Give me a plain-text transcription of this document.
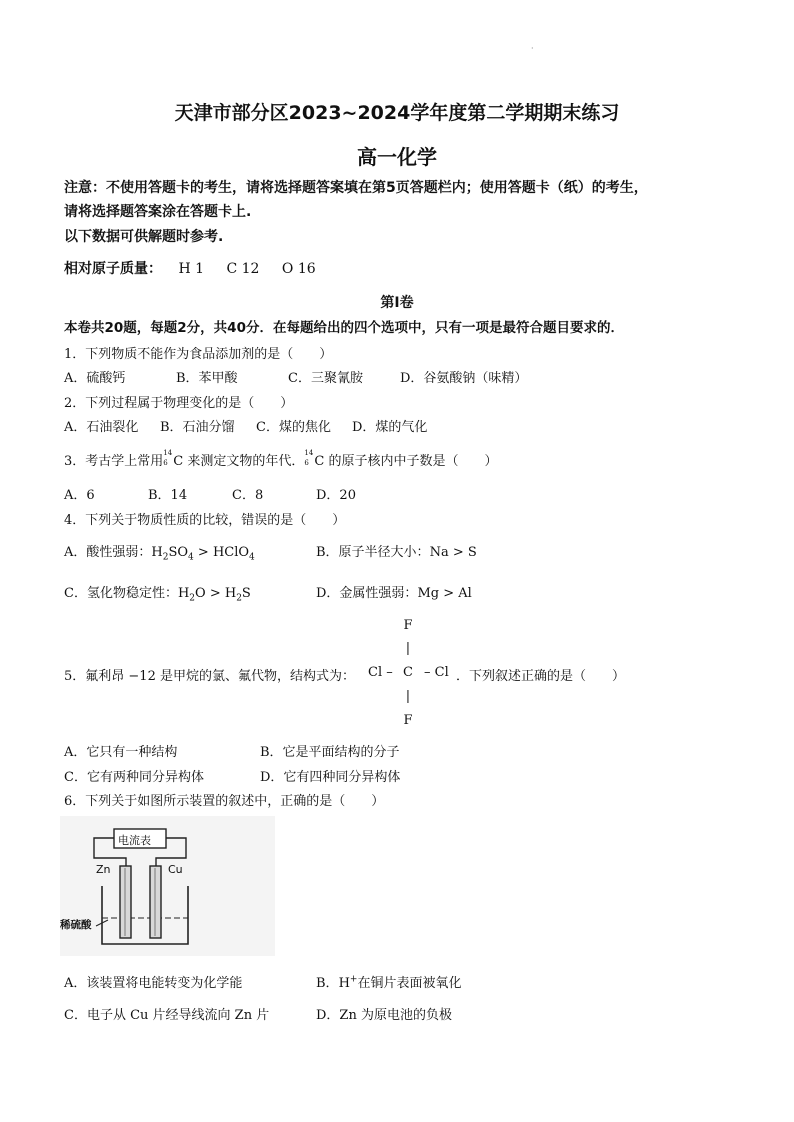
·
天津市部分区2023~2024学年度第二学期期末练习
高一化学
注意：不使用答题卡的考生，请将选择题答案填在第5页答题栏内；使用答题卡（纸）的考生，
请将选择题答案涂在答题卡上.
以下数据可供解题时参考.
相对原子质量： H 1 C 12 O 16
第Ⅰ卷
本卷共20题，每题2分，共40分．在每题给出的四个选项中，只有一项是最符合题目要求的．
1．下列物质不能作为食品添加剂的是（　　）
A．硫酸钙	B．苯甲酸	C．三聚氰胺	D．谷氨酸钠（味精）
2．下列过程属于物理变化的是（　　）
A．石油裂化 B．石油分馏 C．煤的焦化 D．煤的气化
3．考古学上常用
14
6 C 来测定文物的年代．
14
6 C 的原子核内中子数是（　　）
A．6	B．14	C．8	D．20
4．下列关于物质性质的比较，错误的是（　　）
A．酸性强弱：$H_2SO_4$ > HClO$_4$	B．原子半径大小：Na > S
C．氢化物稳定性：$H_2O > H_2S$	D．金属性强弱：Mg > Al
F
|
5．氟利昂 −12 是甲烷的氯、氟代物，结构式为： Cl – C – Cl ．下列叙述正确的是（　　）
|
F
A．它只有一种结构	B．它是平面结构的分子
C．它有两种同分异构体	D．它有四种同分异构体
6．下列关于如图所示装置的叙述中，正确的是（　　）
电流表
Zn	Cu
稀硫酸
A．该装置将电能转变为化学能	B．H+在铜片表面被氧化
C．电子从 Cu 片经导线流向 Zn 片	D．Zn 为原电池的负极
